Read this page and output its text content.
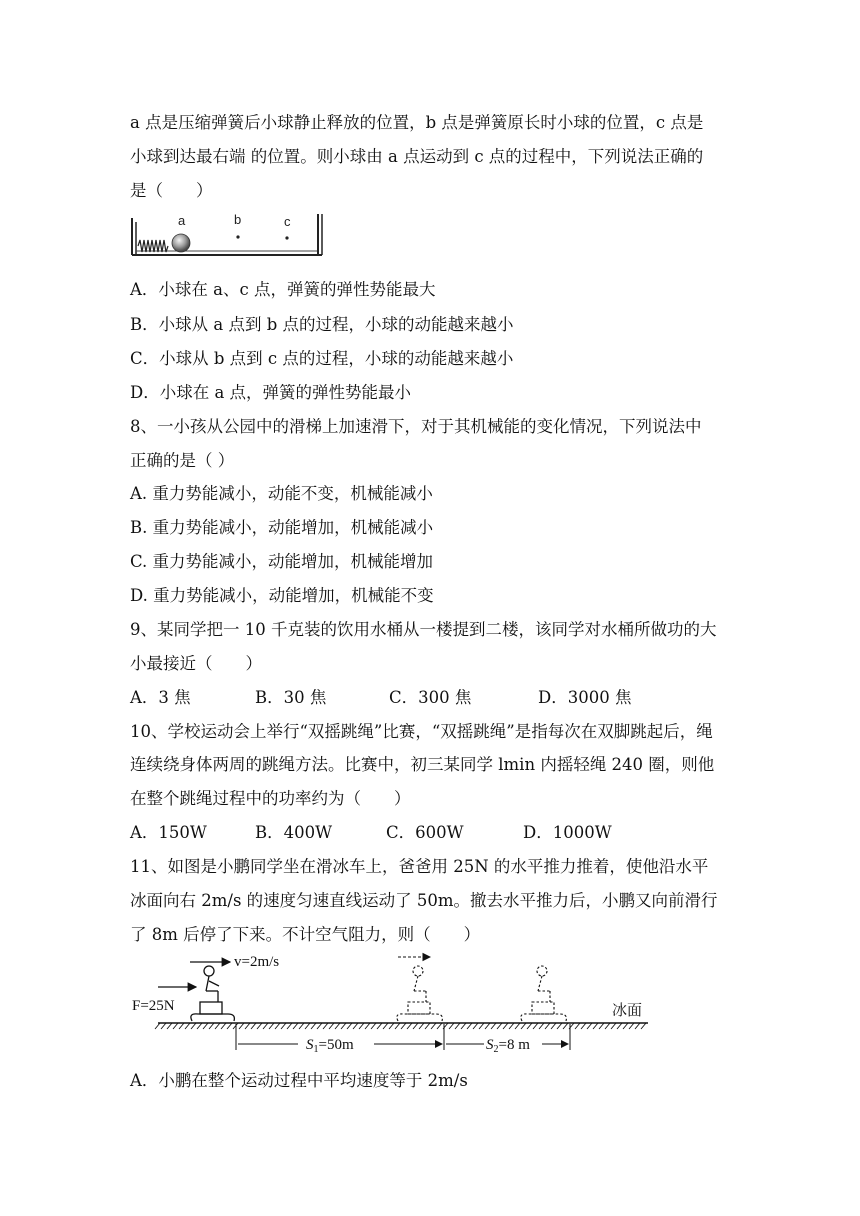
a 点是压缩弹簧后小球静止释放的位置，b 点是弹簧原长时小球的位置，c 点是

小球到达最右端 的位置。则小球由 a 点运动到 c 点的过程中，下列说法正确的

是（　　）

a	b	c

A．小球在 a、c 点，弹簧的弹性势能最大

B．小球从 a 点到 b 点的过程，小球的动能越来越小

C．小球从 b 点到 c 点的过程，小球的动能越来越小

D．小球在 a 点，弹簧的弹性势能最小

8、一小孩从公园中的滑梯上加速滑下，对于其机械能的变化情况，下列说法中

正确的是（ ）

A. 重力势能减小，动能不变，机械能减小

B. 重力势能减小，动能增加，机械能减小

C. 重力势能减小，动能增加，机械能增加

D. 重力势能减小，动能增加，机械能不变

9、某同学把一 10 千克装的饮用水桶从一楼提到二楼，该同学对水桶所做功的大

小最接近（　　）

A．3 焦	B．30 焦	C．300 焦	D．3000 焦

10、学校运动会上举行“双摇跳绳”比赛，“双摇跳绳”是指每次在双脚跳起后，绳

连续绕身体两周的跳绳方法。比赛中，初三某同学 lmin 内摇轻绳 240 圈，则他

在整个跳绳过程中的功率约为（　　）

A．150W	B．400W	C．600W	D．1000W

11、如图是小鹏同学坐在滑冰车上，爸爸用 25N 的水平推力推着，使他沿水平

冰面向右 2m/s 的速度匀速直线运动了 50m。撤去水平推力后，小鹏又向前滑行

了 8m 后停了下来。不计空气阻力，则（　　）

冰面
F=25N
v=2m/s
$S_1=50m$	$S_2=8$ m

A．小鹏在整个运动过程中平均速度等于 2m/s
